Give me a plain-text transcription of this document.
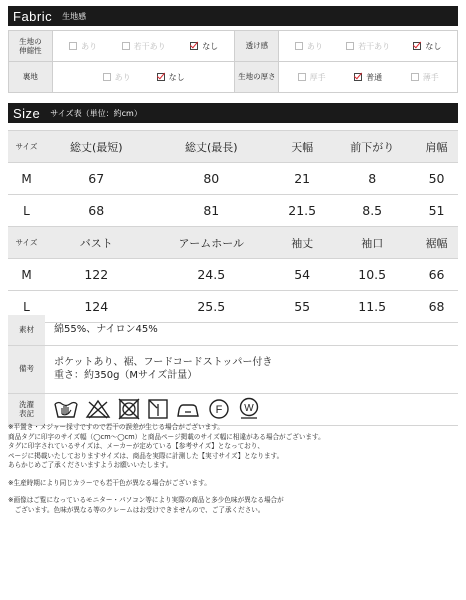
Fabric 生地感
生地の
伸縮性	あり 若干あり なし	透け感	あり 若干あり なし

裏地	あり なし	生地の厚さ	厚手 普通 薄手
Size サイズ表（単位：約cm）
サイズ	総丈(最短)	総丈(最長)	天幅	前下がり	肩幅
M	67	80	21	8	50
L	68	81	21.5	8.5	51
サイズ	バスト	アームホール	袖丈	袖口	裾幅
M	122	24.5	54	10.5	66
L	124	25.5	55	11.5	68
素材	綿55%、ナイロン45%
備考	ポケットあり、裾、フードコードストッパー付き
重さ：約350g（Mサイズ計量）

洗濯
表記	F W

※平置き・メジャー採寸ですので若干の誤差が生じる場合がございます。

商品タグに印字のサイズ幅（◯cm〜◯cm）と商品ページ掲載のサイズ幅に相違がある場合がございます。

タグに印字されているサイズは、メーカーが定めている【参考サイズ】となっており、

ページに掲載いたしておりますサイズは、商品を実際に計測した【実寸サイズ】となります。

あらかじめご了承くださいますようお願いいたします。

※生産時期により同じカラーでも若干色が異なる場合がございます。

※画像はご覧になっているモニター・パソコン等により実際の商品と多少色味が異なる場合が

　ございます。色味が異なる等のクレームはお受けできませんので、ご了承ください。
